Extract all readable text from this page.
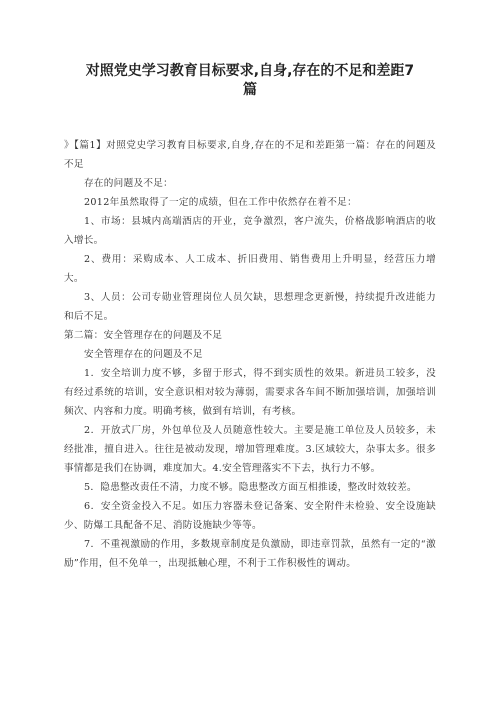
对照党史学习教育目标要求,自身,存在的不足和差距7
篇

》【篇1】对照党史学习教育目标要求,自身,存在的不足和差距第一篇：存在的问题及不足

存在的问题及不足：

2012年虽然取得了一定的成绩，但在工作中依然存在着不足：

1、市场：县城内高端酒店的开业，竞争激烈，客户流失，价格战影响酒店的收入增长。

2、费用：采购成本、人工成本、折旧费用、销售费用上升明显，经营压力增大。

3、人员：公司专勋业管理岗位人员欠缺，思想理念更新慢，持续提升改进能力和后不足。

第二篇：安全管理存在的问题及不足

安全管理存在的问题及不足

1．安全培训力度不够，多留于形式，得不到实质性的效果。新进员工较多，没有经过系统的培训，安全意识相对较为薄弱，需要求各车间不断加强培训，加强培训频次、内容和力度。明确考核，做到有培训，有考核。

2．开放式厂房，外包单位及人员随意性较大。主要是施工单位及人员较多，未经批准，擅自进入。往往是被动发现，增加管理难度。3.区域较大，杂事太多。很多事情都是我们在协调，难度加大。4.安全管理落实不下去，执行力不够。

5．隐患整改责任不清，力度不够。隐患整改方面互相推诿，整改时效较差。

6．安全资金投入不足。如压力容器未登记备案、安全附件未检验、安全设施缺少、防爆工具配备不足、消防设施缺少等等。

7．不重视激励的作用，多数规章制度是负激励，即违章罚款，虽然有一定的“激励”作用，但不免单一，出现抵触心理，不利于工作积极性的调动。
